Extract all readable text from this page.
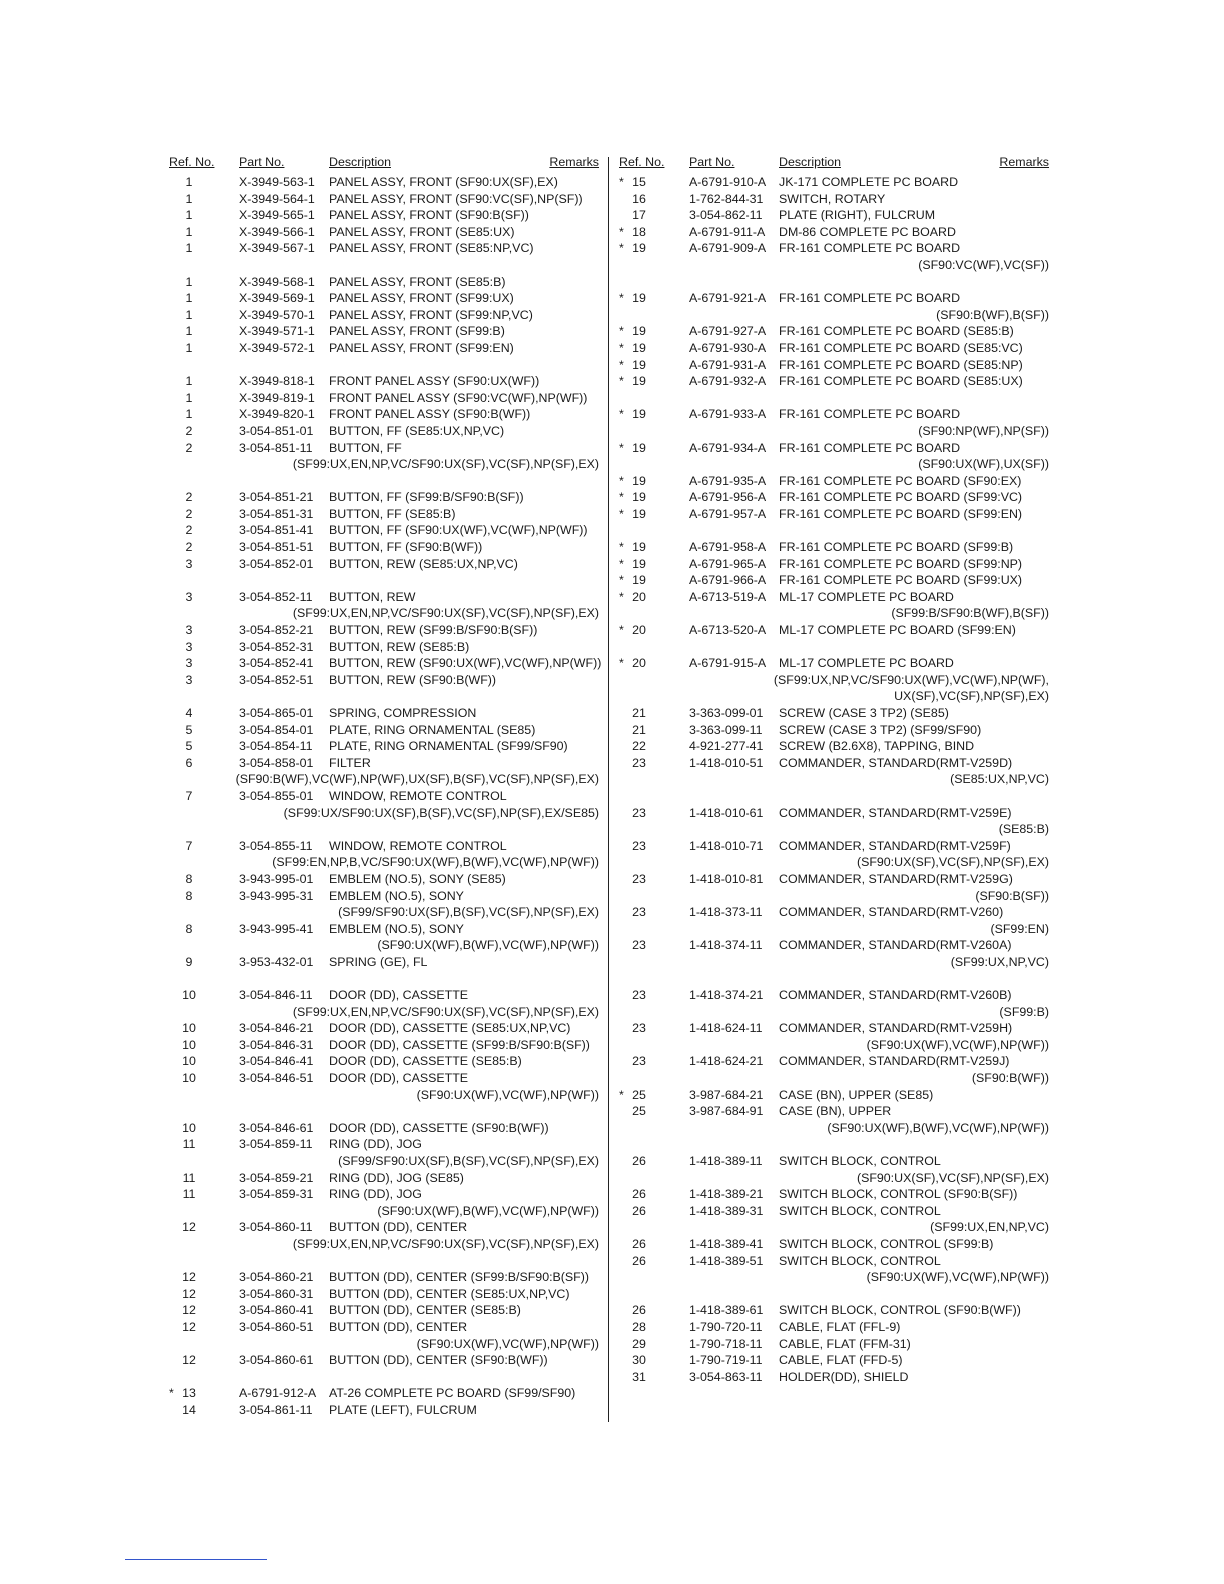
Ref. No. Part No.	Description	Remarks
1	X-3949-563-1 PANEL ASSY, FRONT (SF90:UX(SF),EX)
1	X-3949-564-1 PANEL ASSY, FRONT (SF90:VC(SF),NP(SF))
1	X-3949-565-1 PANEL ASSY, FRONT (SF90:B(SF))
1	X-3949-566-1 PANEL ASSY, FRONT (SE85:UX)
1	X-3949-567-1 PANEL ASSY, FRONT (SE85:NP,VC)
1	X-3949-568-1 PANEL ASSY, FRONT (SE85:B)
1	X-3949-569-1 PANEL ASSY, FRONT (SF99:UX)
1	X-3949-570-1 PANEL ASSY, FRONT (SF99:NP,VC)
1	X-3949-571-1 PANEL ASSY, FRONT (SF99:B)
1	X-3949-572-1 PANEL ASSY, FRONT (SF99:EN)
1	X-3949-818-1 FRONT PANEL ASSY (SF90:UX(WF))
1	X-3949-819-1 FRONT PANEL ASSY (SF90:VC(WF),NP(WF))
1	X-3949-820-1 FRONT PANEL ASSY (SF90:B(WF))
2	3-054-851-01 BUTTON, FF (SE85:UX,NP,VC)
2	3-054-851-11 BUTTON, FF
(SF99:UX,EN,NP,VC/SF90:UX(SF),VC(SF),NP(SF),EX)
2	3-054-851-21 BUTTON, FF (SF99:B/SF90:B(SF))
2	3-054-851-31 BUTTON, FF (SE85:B)
2	3-054-851-41 BUTTON, FF (SF90:UX(WF),VC(WF),NP(WF))
2	3-054-851-51 BUTTON, FF (SF90:B(WF))
3	3-054-852-01 BUTTON, REW (SE85:UX,NP,VC)
3	3-054-852-11 BUTTON, REW
(SF99:UX,EN,NP,VC/SF90:UX(SF),VC(SF),NP(SF),EX)
3	3-054-852-21 BUTTON, REW (SF99:B/SF90:B(SF))
3	3-054-852-31 BUTTON, REW (SE85:B)
3	3-054-852-41 BUTTON, REW (SF90:UX(WF),VC(WF),NP(WF))
3	3-054-852-51 BUTTON, REW (SF90:B(WF))
4	3-054-865-01 SPRING, COMPRESSION
5	3-054-854-01 PLATE, RING ORNAMENTAL (SE85)
5	3-054-854-11 PLATE, RING ORNAMENTAL (SF99/SF90)
6	3-054-858-01 FILTER
(SF90:B(WF),VC(WF),NP(WF),UX(SF),B(SF),VC(SF),NP(SF),EX)
7	3-054-855-01 WINDOW, REMOTE CONTROL
(SF99:UX/SF90:UX(SF),B(SF),VC(SF),NP(SF),EX/SE85)
7	3-054-855-11 WINDOW, REMOTE CONTROL
(SF99:EN,NP,B,VC/SF90:UX(WF),B(WF),VC(WF),NP(WF))
8	3-943-995-01 EMBLEM (NO.5), SONY (SE85)
8	3-943-995-31 EMBLEM (NO.5), SONY
(SF99/SF90:UX(SF),B(SF),VC(SF),NP(SF),EX)
8	3-943-995-41 EMBLEM (NO.5), SONY
(SF90:UX(WF),B(WF),VC(WF),NP(WF))
9	3-953-432-01 SPRING (GE), FL
10	3-054-846-11 DOOR (DD), CASSETTE
(SF99:UX,EN,NP,VC/SF90:UX(SF),VC(SF),NP(SF),EX)
10	3-054-846-21 DOOR (DD), CASSETTE (SE85:UX,NP,VC)
10	3-054-846-31 DOOR (DD), CASSETTE (SF99:B/SF90:B(SF))
10	3-054-846-41 DOOR (DD), CASSETTE (SE85:B)
10	3-054-846-51 DOOR (DD), CASSETTE
(SF90:UX(WF),VC(WF),NP(WF))
10	3-054-846-61 DOOR (DD), CASSETTE (SF90:B(WF))
11	3-054-859-11 RING (DD), JOG
(SF99/SF90:UX(SF),B(SF),VC(SF),NP(SF),EX)
11	3-054-859-21 RING (DD), JOG (SE85)
11	3-054-859-31 RING (DD), JOG
(SF90:UX(WF),B(WF),VC(WF),NP(WF))
12	3-054-860-11 BUTTON (DD), CENTER
(SF99:UX,EN,NP,VC/SF90:UX(SF),VC(SF),NP(SF),EX)
12	3-054-860-21 BUTTON (DD), CENTER (SF99:B/SF90:B(SF))
12	3-054-860-31 BUTTON (DD), CENTER (SE85:UX,NP,VC)
12	3-054-860-41 BUTTON (DD), CENTER (SE85:B)
12	3-054-860-51 BUTTON (DD), CENTER
(SF90:UX(WF),VC(WF),NP(WF))
12	3-054-860-61 BUTTON (DD), CENTER (SF90:B(WF))
* 13	A-6791-912-A AT-26 COMPLETE PC BOARD (SF99/SF90)
14	3-054-861-11 PLATE (LEFT), FULCRUM
Ref. No. Part No.	Description	Remarks
* 15	A-6791-910-A JK-171 COMPLETE PC BOARD
16	1-762-844-31 SWITCH, ROTARY
17	3-054-862-11 PLATE (RIGHT), FULCRUM
* 18	A-6791-911-A DM-86 COMPLETE PC BOARD
* 19	A-6791-909-A FR-161 COMPLETE PC BOARD
(SF90:VC(WF),VC(SF))
* 19	A-6791-921-A FR-161 COMPLETE PC BOARD
(SF90:B(WF),B(SF))
* 19	A-6791-927-A FR-161 COMPLETE PC BOARD (SE85:B)
* 19	A-6791-930-A FR-161 COMPLETE PC BOARD (SE85:VC)
* 19	A-6791-931-A FR-161 COMPLETE PC BOARD (SE85:NP)
* 19	A-6791-932-A FR-161 COMPLETE PC BOARD (SE85:UX)
* 19	A-6791-933-A FR-161 COMPLETE PC BOARD
(SF90:NP(WF),NP(SF))
* 19	A-6791-934-A FR-161 COMPLETE PC BOARD
(SF90:UX(WF),UX(SF))
* 19	A-6791-935-A FR-161 COMPLETE PC BOARD (SF90:EX)
* 19	A-6791-956-A FR-161 COMPLETE PC BOARD (SF99:VC)
* 19	A-6791-957-A FR-161 COMPLETE PC BOARD (SF99:EN)
* 19	A-6791-958-A FR-161 COMPLETE PC BOARD (SF99:B)
* 19	A-6791-965-A FR-161 COMPLETE PC BOARD (SF99:NP)
* 19	A-6791-966-A FR-161 COMPLETE PC BOARD (SF99:UX)
* 20	A-6713-519-A ML-17 COMPLETE PC BOARD
(SF99:B/SF90:B(WF),B(SF))
* 20	A-6713-520-A ML-17 COMPLETE PC BOARD (SF99:EN)
* 20	A-6791-915-A ML-17 COMPLETE PC BOARD
(SF99:UX,NP,VC/SF90:UX(WF),VC(WF),NP(WF),
UX(SF),VC(SF),NP(SF),EX)
21	3-363-099-01 SCREW (CASE 3 TP2) (SE85)
21	3-363-099-11 SCREW (CASE 3 TP2) (SF99/SF90)
22	4-921-277-41 SCREW (B2.6X8), TAPPING, BIND
23	1-418-010-51 COMMANDER, STANDARD(RMT-V259D)
(SE85:UX,NP,VC)
23	1-418-010-61 COMMANDER, STANDARD(RMT-V259E)
(SE85:B)
23	1-418-010-71 COMMANDER, STANDARD(RMT-V259F)
(SF90:UX(SF),VC(SF),NP(SF),EX)
23	1-418-010-81 COMMANDER, STANDARD(RMT-V259G)
(SF90:B(SF))
23	1-418-373-11 COMMANDER, STANDARD(RMT-V260)
(SF99:EN)
23	1-418-374-11 COMMANDER, STANDARD(RMT-V260A)
(SF99:UX,NP,VC)
23	1-418-374-21 COMMANDER, STANDARD(RMT-V260B)
(SF99:B)
23	1-418-624-11 COMMANDER, STANDARD(RMT-V259H)
(SF90:UX(WF),VC(WF),NP(WF))
23	1-418-624-21 COMMANDER, STANDARD(RMT-V259J)
(SF90:B(WF))
* 25	3-987-684-21 CASE (BN), UPPER (SE85)
25	3-987-684-91 CASE (BN), UPPER
(SF90:UX(WF),B(WF),VC(WF),NP(WF))
26	1-418-389-11 SWITCH BLOCK, CONTROL
(SF90:UX(SF),VC(SF),NP(SF),EX)
26	1-418-389-21 SWITCH BLOCK, CONTROL (SF90:B(SF))
26	1-418-389-31 SWITCH BLOCK, CONTROL
(SF99:UX,EN,NP,VC)
26	1-418-389-41 SWITCH BLOCK, CONTROL (SF99:B)
26	1-418-389-51 SWITCH BLOCK, CONTROL
(SF90:UX(WF),VC(WF),NP(WF))
26	1-418-389-61 SWITCH BLOCK, CONTROL (SF90:B(WF))
28	1-790-720-11 CABLE, FLAT (FFL-9)
29	1-790-718-11 CABLE, FLAT (FFM-31)
30	1-790-719-11 CABLE, FLAT (FFD-5)
31	3-054-863-11 HOLDER(DD), SHIELD
